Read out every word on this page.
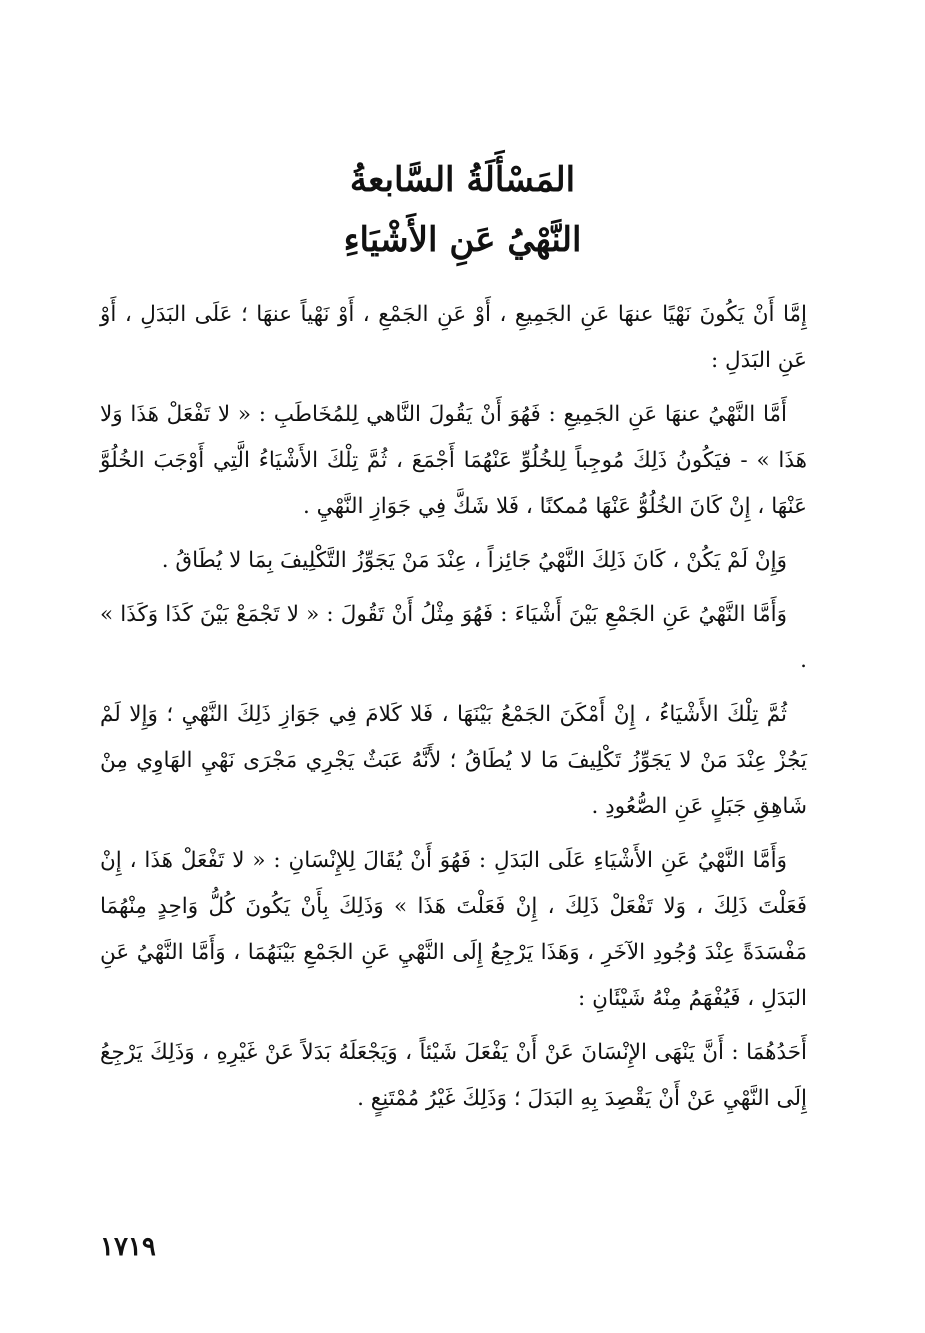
المَسْأَلَةُ السَّابعةُ
النَّهْيُ عَنِ الأَشْيَاءِ

إِمَّا أَنْ يَكُونَ نَهْيًا عنهَا عَنِ الجَمِيعِ ، أَوْ عَنِ الجَمْعِ ، أَوْ نَهْياً عنهَا ؛ عَلَى البَدَلِ ، أَوْ عَنِ البَدَلِ :

أَمَّا النَّهْيُ عنهَا عَنِ الجَمِيعِ : فَهُوَ أَنْ يَقُولَ النَّاهي لِلمُخَاطَبِ : « لا تَفْعَلْ هَذَا وَلا هَذَا » - فيَكُونُ ذَلِكَ مُوجِباً لِلخُلُوِّ عَنْهُمَا أَجْمَعَ ، ثُمَّ تِلْكَ الأَشْيَاءُ الَّتِي أَوْجَبَ الخُلُوَّ عَنْهَا ، إِنْ كَانَ الخُلُوُّ عَنْهَا مُمكنًا ، فَلا شَكَّ فِي جَوَازِ النَّهْيِ .

وَإِنْ لَمْ يَكُنْ ، كَانَ ذَلِكَ النَّهْيُ جَائِزاً ، عِنْدَ مَنْ يَجَوِّزُ التَّكْلِيفَ بِمَا لا يُطَاقُ .

وَأَمَّا النَّهْيُ عَنِ الجَمْعِ بَيْنَ أَشْيَاءَ : فَهُوَ مِثْلُ أَنْ تَقُولَ : « لا تَجْمَعْ بَيْنَ كَذَا وَكَذَا » .

ثُمَّ تِلْكَ الأَشْيَاءُ ، إِنْ أَمْكَنَ الجَمْعُ بَيْنَهَا ، فَلا كَلامَ فِي جَوَازِ ذَلِكَ النَّهْيِ ؛ وَإِلا لَمْ يَجُزْ عِنْدَ مَنْ لا يَجَوِّزُ تَكْلِيفَ مَا لا يُطَاقُ ؛ لأَنَّهُ عَبَثٌ يَجْرِي مَجْرَى نَهْيِ الهَاوِي مِنْ شَاهِقِ جَبَلٍ عَنِ الصُّعُودِ .

وَأَمَّا النَّهْيُ عَنِ الأَشْيَاءِ عَلَى البَدَلِ : فَهُوَ أَنْ يُقَالَ لِلإِنْسَانِ : « لا تَفْعَلْ هَذَا ، إِنْ فَعَلْتَ ذَلِكَ ، وَلا تَفْعَلْ ذَلِكَ ، إِنْ فَعَلْتَ هَذَا » وَذَلِكَ بِأَنْ يَكُونَ كُلُّ وَاحِدٍ مِنْهُمَا مَفْسَدَةً عِنْدَ وُجُودِ الآخَرِ ، وَهَذَا يَرْجِعُ إِلَى النَّهْيِ عَنِ الجَمْعِ بَيْنَهُمَا ، وَأَمَّا النَّهْيُ عَنِ البَدَلِ ، فَيُفْهَمُ مِنْهُ شَيْئَانِ :

أَحَدُهُمَا : أَنَّ يَنْهَى الإِنْسَانَ عَنْ أَنْ يَفْعَلَ شَيْئاً ، وَيَجْعَلَهُ بَدَلاً عَنْ غَيْرِهِ ، وَذَلِكَ يَرْجِعُ إِلَى النَّهْيِ عَنْ أَنْ يَقْصِدَ بِهِ البَدَلَ ؛ وَذَلِكَ غَيْرُ مُمْتَنِعٍ .

١٧١٩
